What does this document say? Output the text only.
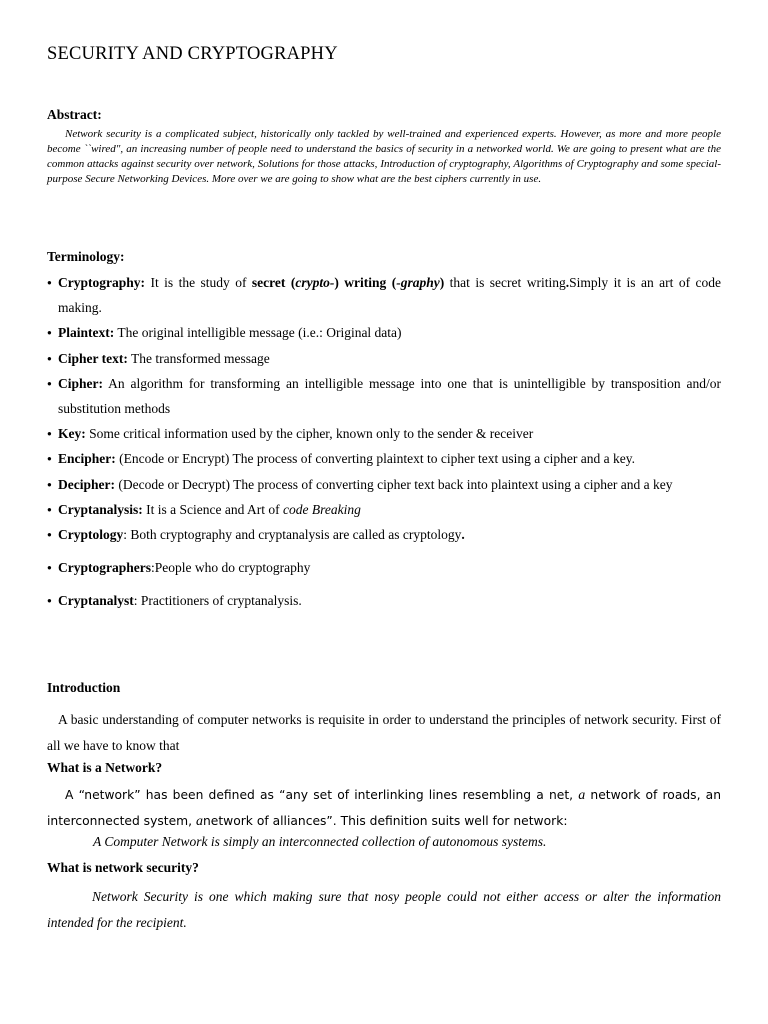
SECURITY AND CRYPTOGRAPHY
Abstract:

Network security is a complicated subject, historically only tackled by well-trained and experienced experts. However, as more and more people become ``wired", an increasing number of people need to understand the basics of security in a networked world. We are going to present what are the common attacks against security over network, Solutions for those attacks, Introduction of cryptography, Algorithms of Cryptography and some special-purpose Secure Networking Devices. More over we are going to show what are the best ciphers currently in use.

Terminology:
● Cryptography: It is the study of secret (crypto-) writing (-graphy) that is secret writing.Simply it is an art of code making.
● Plaintext: The original intelligible message (i.e.: Original data)
● Cipher text: The transformed message
● Cipher: An algorithm for transforming an intelligible message into one that is unintelligible by transposition and/or substitution methods
● Key: Some critical information used by the cipher, known only to the sender & receiver
● Encipher: (Encode or Encrypt) The process of converting plaintext to cipher text using a cipher and a key.
● Decipher: (Decode or Decrypt) The process of converting cipher text back into plaintext using a cipher and a key
● Cryptanalysis: It is a Science and Art of code Breaking
● Cryptology: Both cryptography and cryptanalysis are called as cryptology.
● Cryptographers:People who do cryptography
● Cryptanalyst: Practitioners of cryptanalysis.
Introduction

A basic understanding of computer networks is requisite in order to understand the principles of network security. First of all we have to know that

What is a Network?

A “network” has been defined as “any set of interlinking lines resembling a net, a network of roads, an interconnected system, anetwork of alliances”. This definition suits well for network:

A Computer Network is simply an interconnected collection of autonomous systems.
What is network security?

Network Security is one which making sure that nosy people could not either access or alter the information intended for the recipient.
